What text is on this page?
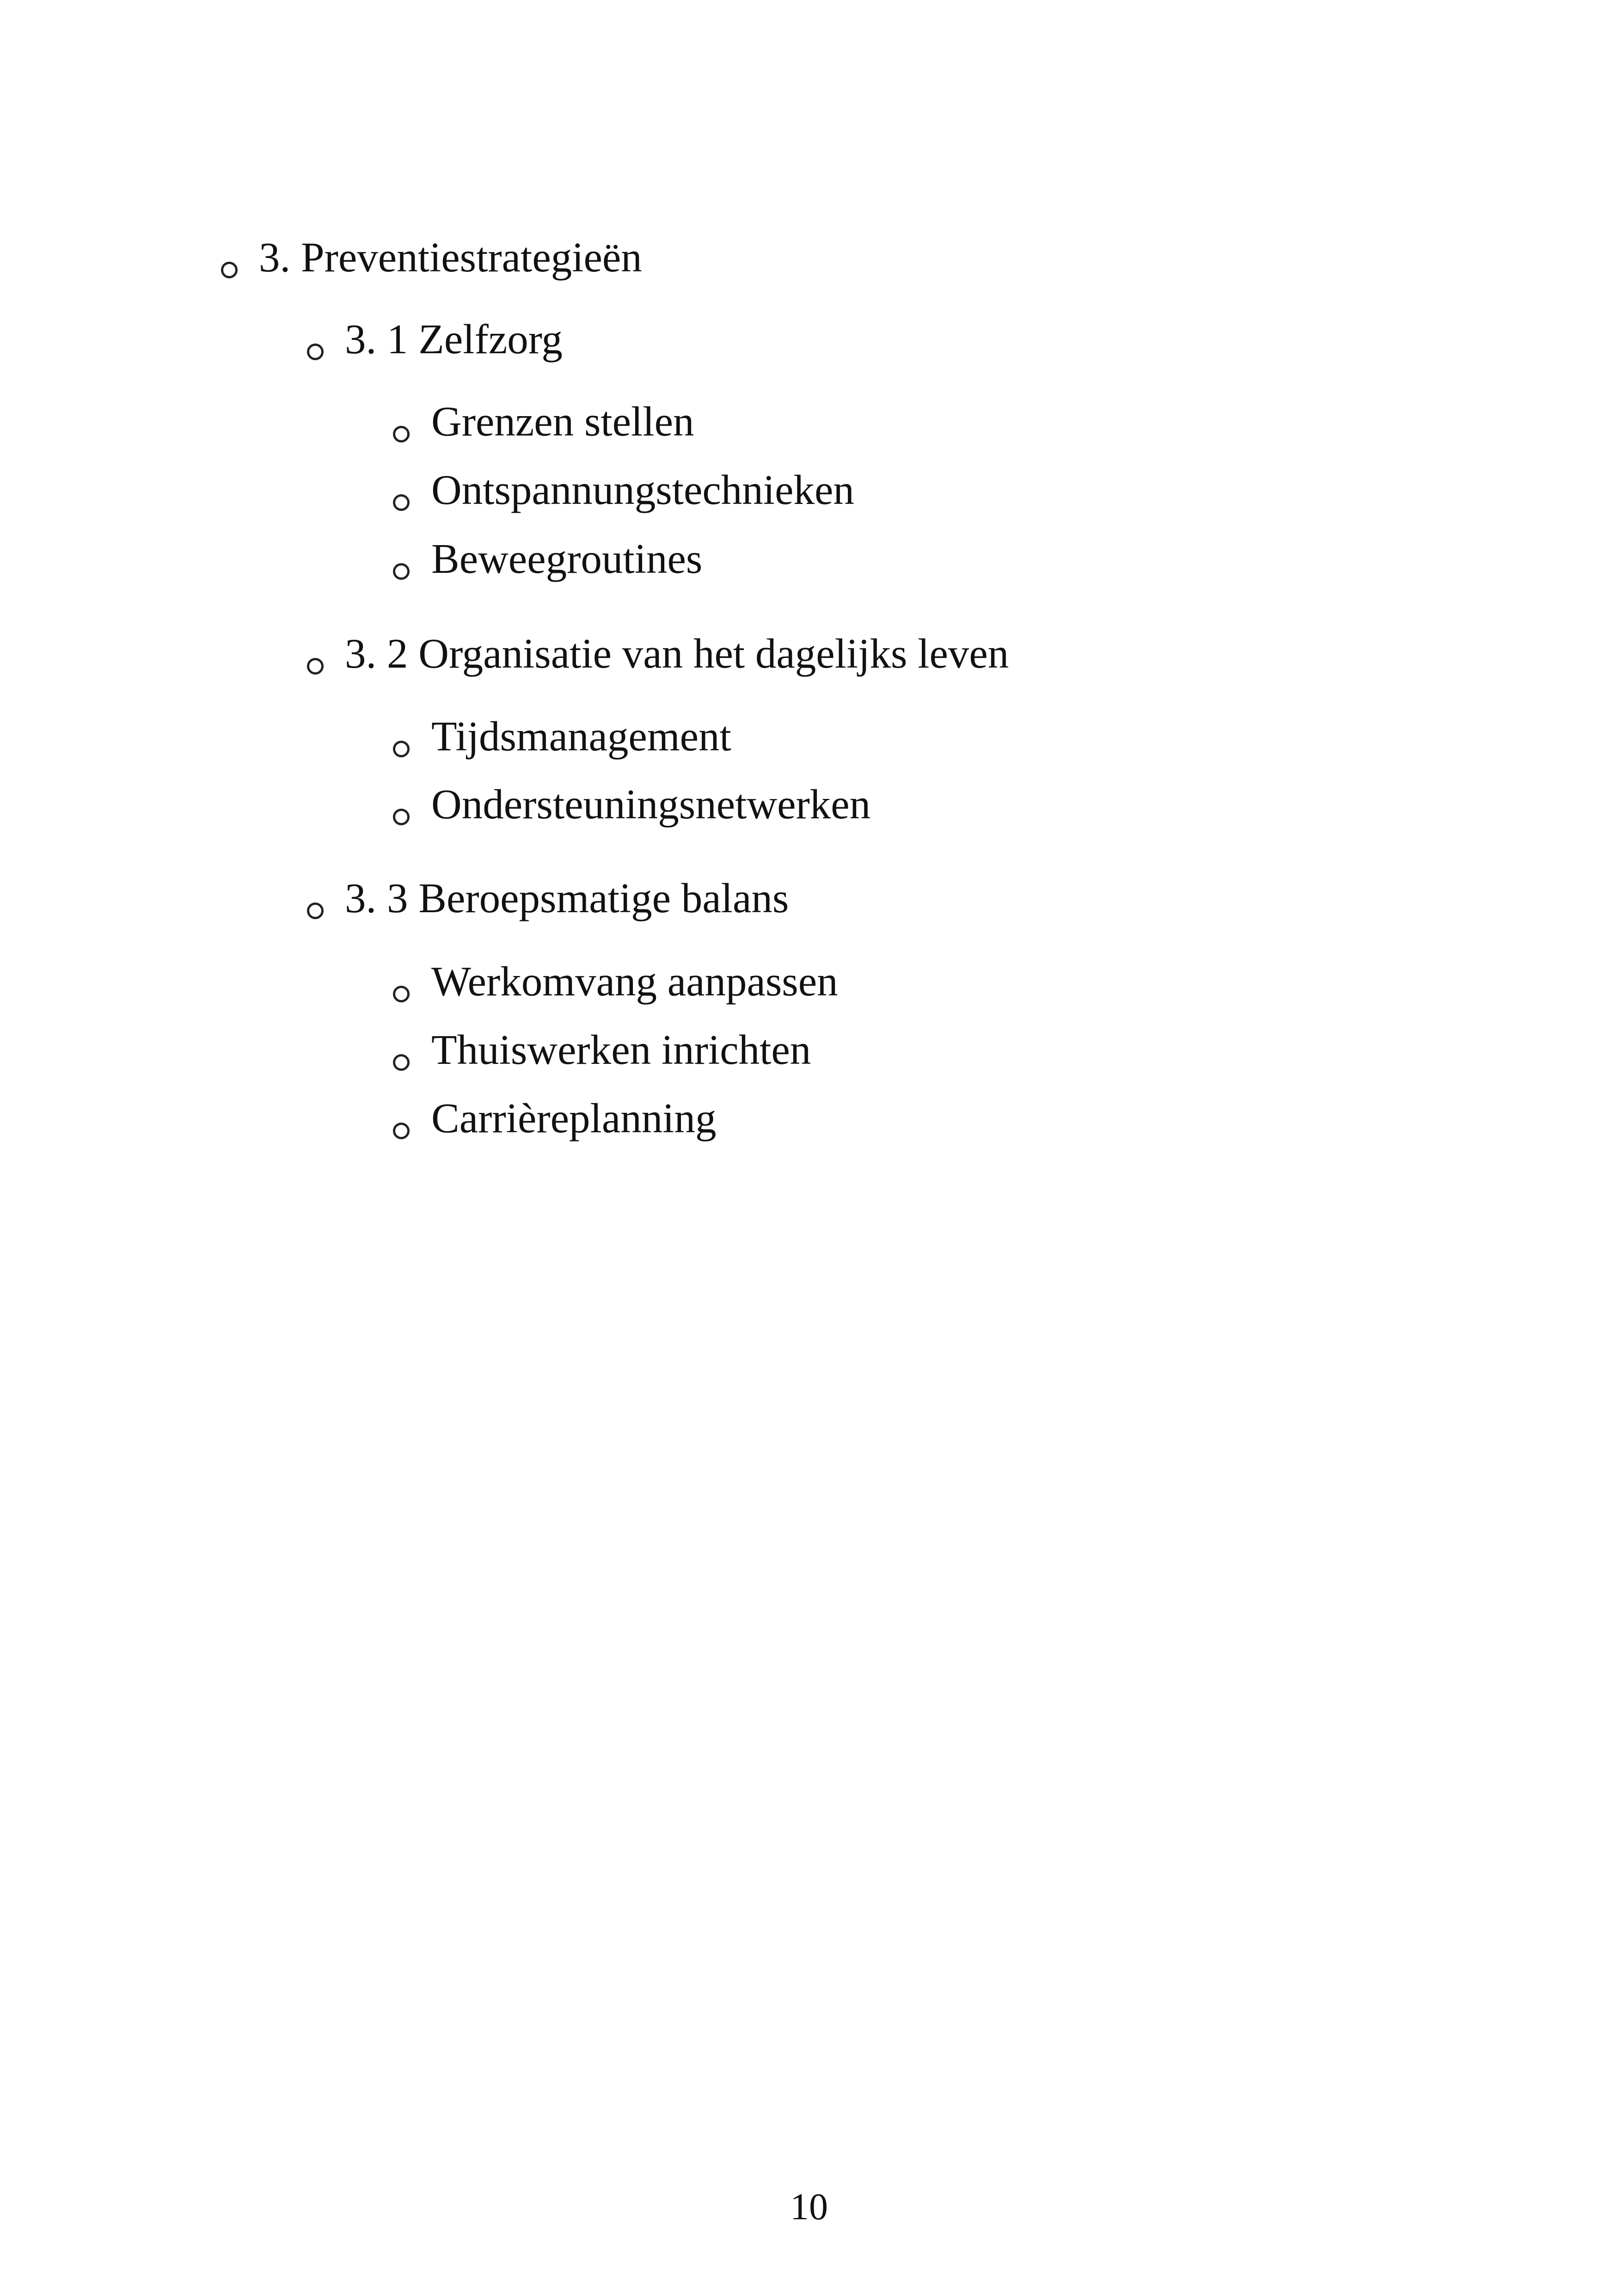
3. Preventiestrategieën
3. 1 Zelfzorg
Grenzen stellen
Ontspannungstechnieken
Beweegroutines
3. 2 Organisatie van het dagelijks leven
Tijdsmanagement
Ondersteuningsnetwerken
3. 3 Beroepsmatige balans
Werkomvang aanpassen
Thuiswerken inrichten
Carrièreplanning
10
